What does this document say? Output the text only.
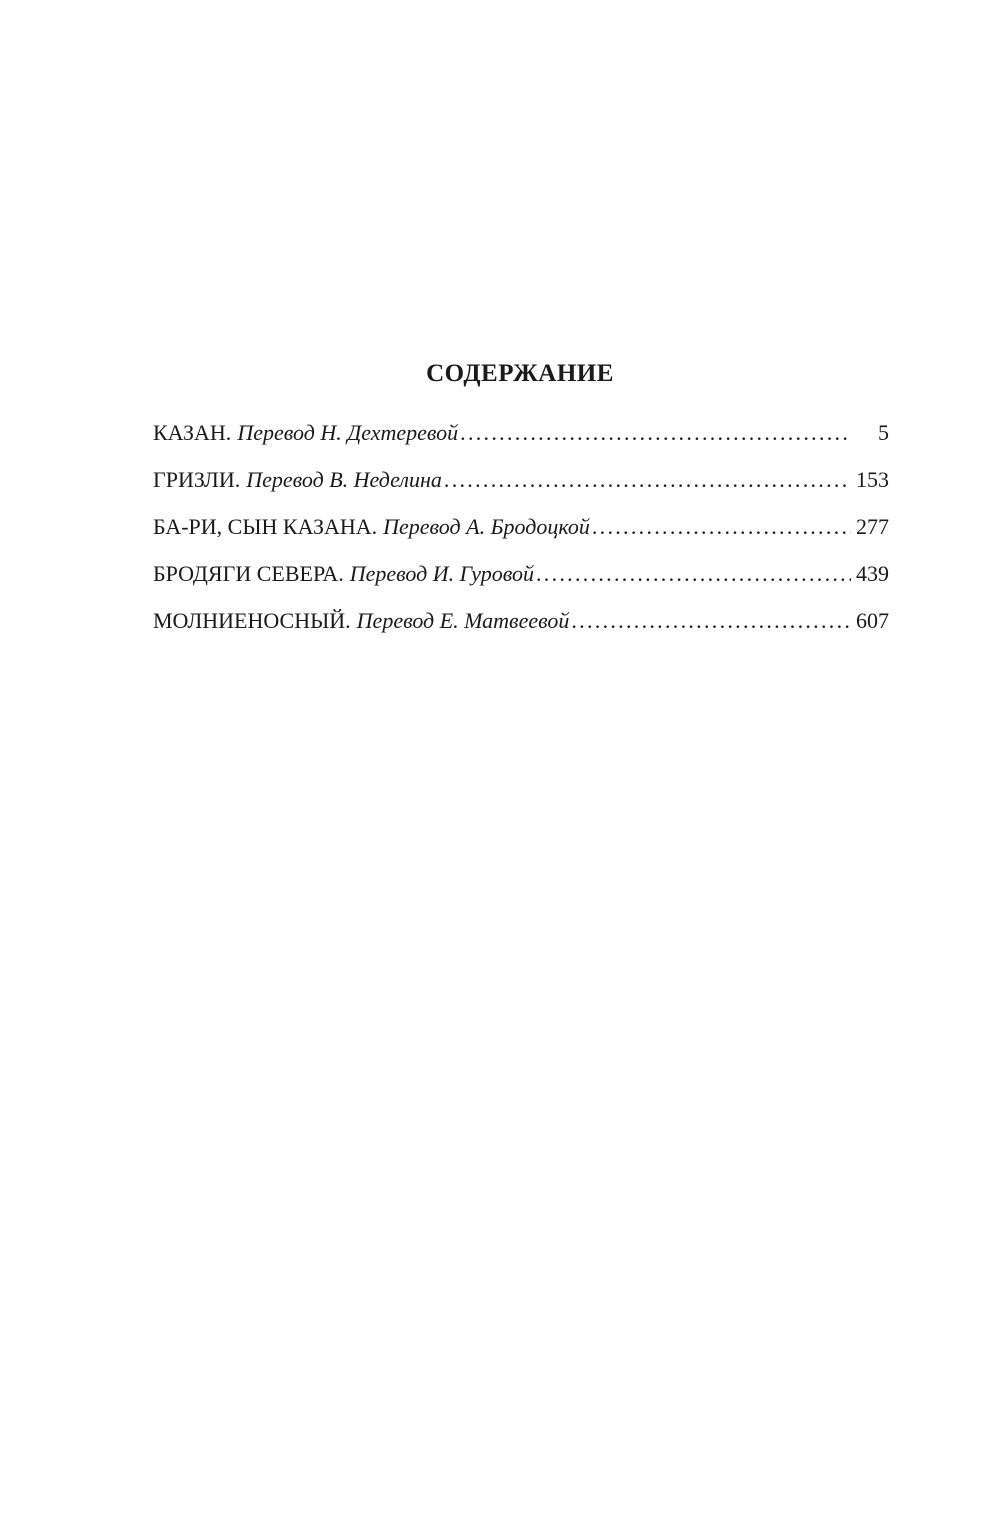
СОДЕРЖАНИЕ
КАЗАН. Перевод Н. Дехтеревой . . .	5
ГРИЗЛИ. Перевод В. Неделина . . .	153
БА-РИ, СЫН КАЗАНА. Перевод А. Бродоцкой . . .	277
БРОДЯГИ СЕВЕРА. Перевод И. Гуровой . . .	439
МОЛНИЕНОСНЫЙ. Перевод Е. Матвеевой . . .	607
